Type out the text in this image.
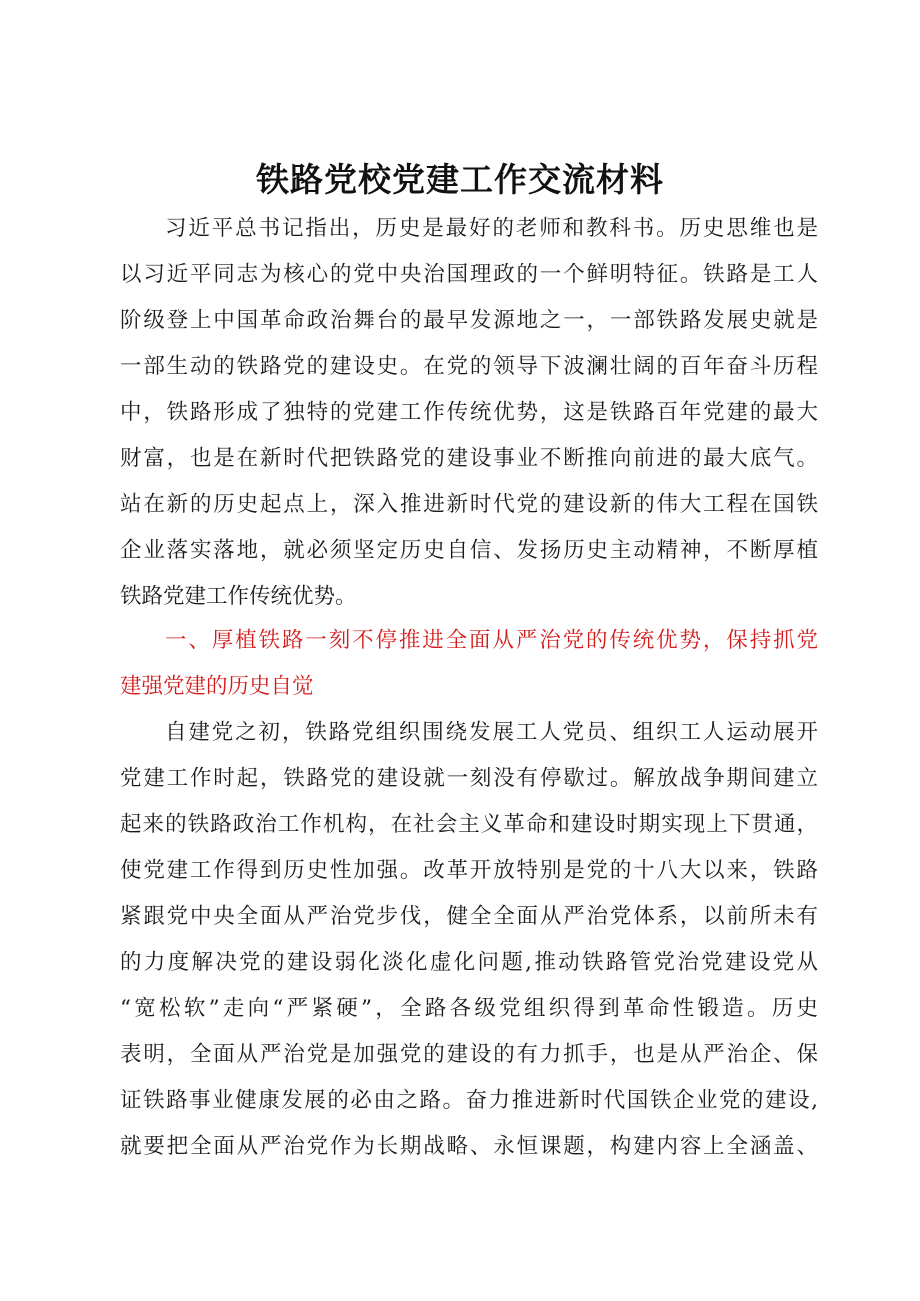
铁路党校党建工作交流材料
习近平总书记指出，历史是最好的老师和教科书。历史思维也是
以习近平同志为核心的党中央治国理政的一个鲜明特征。铁路是工人
阶级登上中国革命政治舞台的最早发源地之一，一部铁路发展史就是
一部生动的铁路党的建设史。在党的领导下波澜壮阔的百年奋斗历程
中，铁路形成了独特的党建工作传统优势，这是铁路百年党建的最大
财富，也是在新时代把铁路党的建设事业不断推向前进的最大底气。
站在新的历史起点上，深入推进新时代党的建设新的伟大工程在国铁
企业落实落地，就必须坚定历史自信、发扬历史主动精神，不断厚植
铁路党建工作传统优势。
一、厚植铁路一刻不停推进全面从严治党的传统优势，保持抓党
建强党建的历史自觉
自建党之初，铁路党组织围绕发展工人党员、组织工人运动展开
党建工作时起，铁路党的建设就一刻没有停歇过。解放战争期间建立
起来的铁路政治工作机构，在社会主义革命和建设时期实现上下贯通，
使党建工作得到历史性加强。改革开放特别是党的十八大以来，铁路
紧跟党中央全面从严治党步伐，健全全面从严治党体系，以前所未有
的力度解决党的建设弱化淡化虚化问题,推动铁路管党治党建设党从
“宽松软”走向“严紧硬”，全路各级党组织得到革命性锻造。历史
表明，全面从严治党是加强党的建设的有力抓手，也是从严治企、保
证铁路事业健康发展的必由之路。奋力推进新时代国铁企业党的建设,
就要把全面从严治党作为长期战略、永恒课题，构建内容上全涵盖、
